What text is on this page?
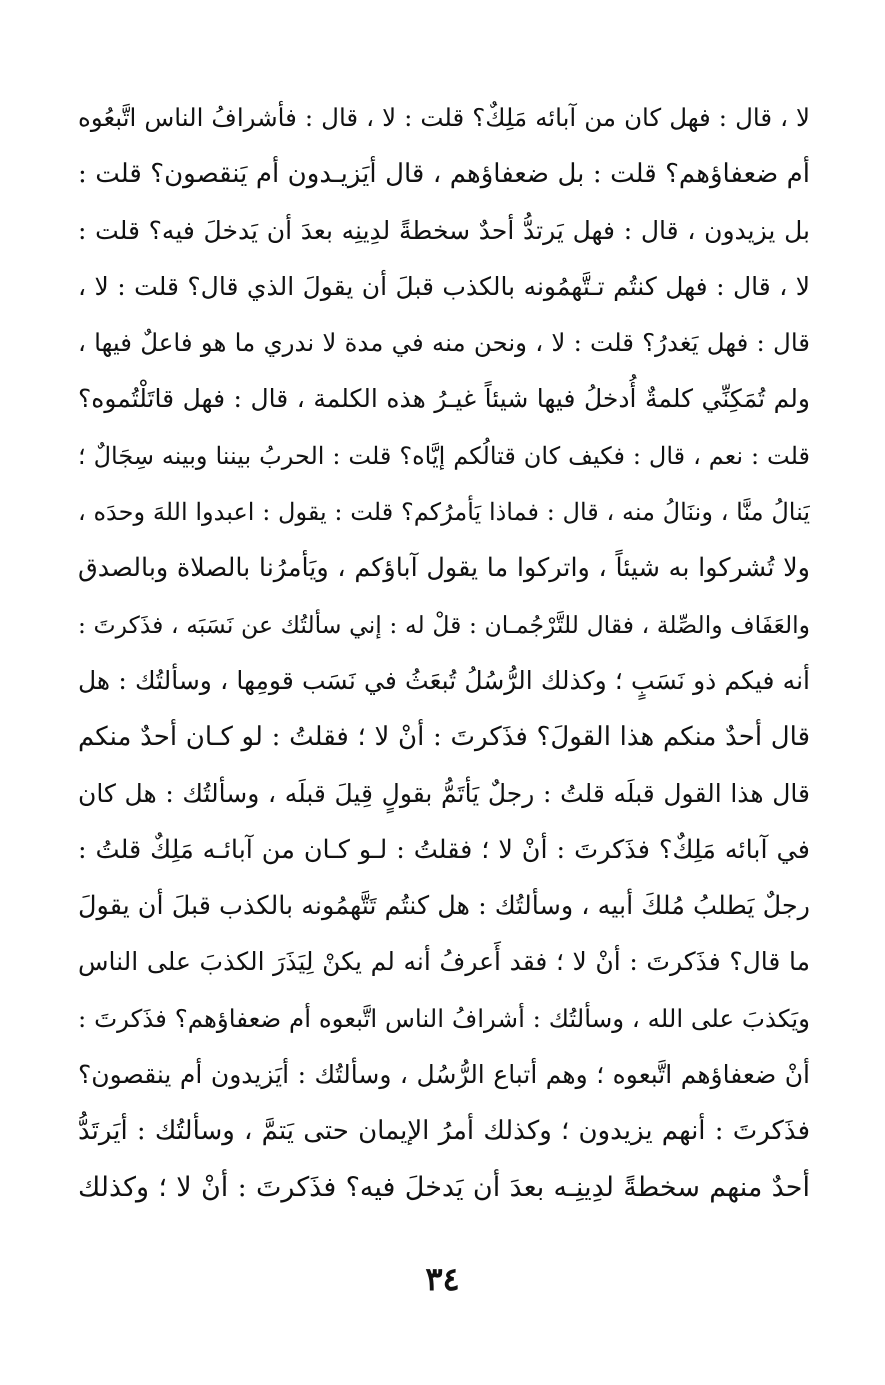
لا ، قال : فهل كان من آبائه مَلِكٌ؟ قلت : لا ، قال : فأشرافُ الناس اتَّبعُوه
أم ضعفاؤهم؟ قلت : بل ضعفاؤهم ، قال أيَزيـدون أم يَنقصون؟ قلت :
بل يزيدون ، قال : فهل يَرتدُّ أحدٌ سخطةً لدِينِه بعدَ أن يَدخلَ فيه؟ قلت :
لا ، قال : فهل كنتُم تـتَّهمُونه بالكذب قبلَ أن يقولَ الذي قال؟ قلت : لا ،
قال : فهل يَغدرُ؟ قلت : لا ، ونحن منه في مدة لا ندري ما هو فاعلٌ فيها ،
ولم تُمَكِنِّي كلمةٌ أُدخلُ فيها شيئاً غيـرُ هذه الكلمة ، قال : فهل قاتَلْتُموه؟
قلت : نعم ، قال : فكيف كان قتالُكم إيَّاه؟ قلت : الحربُ بيننا وبينه سِجَالٌ ؛
يَنالُ منَّا ، وننَالُ منه ، قال : فماذا يَأمرُكم؟ قلت : يقول : اعبدوا اللهَ وحدَه ،
ولا تُشركوا به شيئاً ، واتركوا ما يقول آباؤكم ، ويَأمرُنا بالصلاة وبالصدق
والعَفَاف والصِّلة ، فقال للتَّرْجُمـان : قلْ له : إني سألتُك عن نَسَبَه ، فذَكرتَ :
أنه فيكم ذو نَسَبٍ ؛ وكذلك الرُّسُلُ تُبعَثُ في نَسَب قومِها ، وسألتُك : هل
قال أحدٌ منكم هذا القولَ؟ فذَكرتَ : أنْ لا ؛ فقلتُ : لو كـان أحدٌ منكم
قال هذا القول قبلَه قلتُ : رجلٌ يَأتَمُّ بقولٍ قِيلَ قبلَه ، وسألتُك : هل كان
في آبائه مَلِكٌ؟ فذَكرتَ : أنْ لا ؛ فقلتُ : لـو كـان من آبائـه مَلِكٌ قلتُ :
رجلٌ يَطلبُ مُلكَ أبيه ، وسألتُك : هل كنتُم تَتَّهمُونه بالكذب قبلَ أن يقولَ
ما قال؟ فذَكرتَ : أنْ لا ؛ فقد أَعرفُ أنه لم يكنْ لِيَذَرَ الكذبَ على الناس
ويَكذبَ على الله ، وسألتُك : أشرافُ الناس اتَّبعوه أم ضعفاؤهم؟ فذَكرتَ :
أنْ ضعفاؤهم اتَّبعوه ؛ وهم أتباع الرُّسُل ، وسألتُك : أيَزيدون أم ينقصون؟
فذَكرتَ : أنهم يزيدون ؛ وكذلك أمرُ الإيمان حتى يَتمَّ ، وسألتُك : أيَرتَدُّ
أحدٌ منهم سخطةً لدِينِـه بعدَ أن يَدخلَ فيه؟ فذَكرتَ : أنْ لا ؛ وكذلك
٣٤
